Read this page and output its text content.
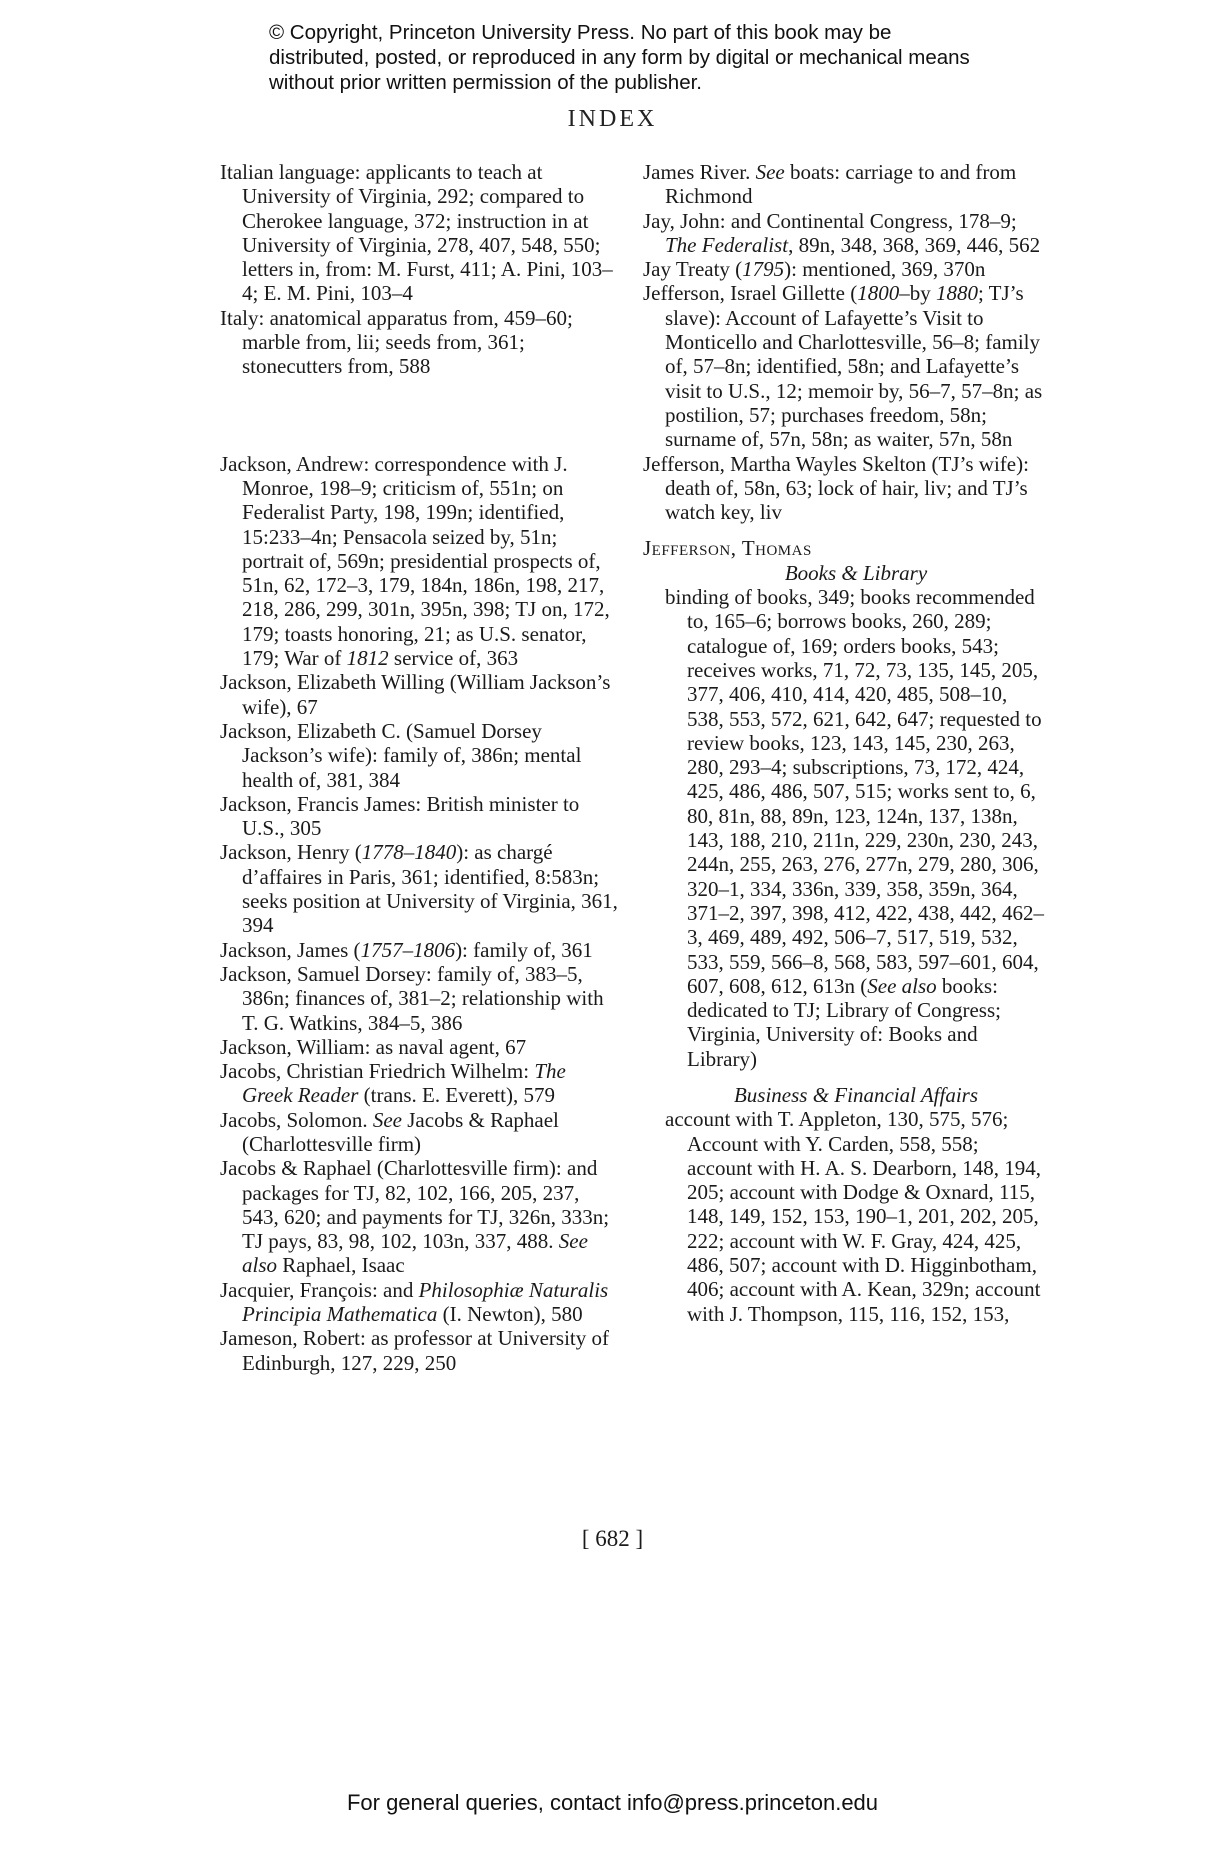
© Copyright, Princeton University Press. No part of this book may be distributed, posted, or reproduced in any form by digital or mechanical means without prior written permission of the publisher.
INDEX
Italian language: applicants to teach at University of Virginia, 292; compared to Cherokee language, 372; instruction in at University of Virginia, 278, 407, 548, 550; letters in, from: M. Furst, 411; A. Pini, 103–4; E. M. Pini, 103–4
Italy: anatomical apparatus from, 459–60; marble from, lii; seeds from, 361; stonecutters from, 588
Jackson, Andrew: correspondence with J. Monroe, 198–9; criticism of, 551n; on Federalist Party, 198, 199n; identified, 15:233–4n; Pensacola seized by, 51n; portrait of, 569n; presidential prospects of, 51n, 62, 172–3, 179, 184n, 186n, 198, 217, 218, 286, 299, 301n, 395n, 398; TJ on, 172, 179; toasts honoring, 21; as U.S. senator, 179; War of 1812 service of, 363
Jackson, Elizabeth Willing (William Jackson’s wife), 67
Jackson, Elizabeth C. (Samuel Dorsey Jackson’s wife): family of, 386n; mental health of, 381, 384
Jackson, Francis James: British minister to U.S., 305
Jackson, Henry (1778–1840): as chargé d’affaires in Paris, 361; identified, 8:583n; seeks position at University of Virginia, 361, 394
Jackson, James (1757–1806): family of, 361
Jackson, Samuel Dorsey: family of, 383–5, 386n; finances of, 381–2; relationship with T. G. Watkins, 384–5, 386
Jackson, William: as naval agent, 67
Jacobs, Christian Friedrich Wilhelm: The Greek Reader (trans. E. Everett), 579
Jacobs, Solomon. See Jacobs & Raphael (Charlottesville firm)
Jacobs & Raphael (Charlottesville firm): and packages for TJ, 82, 102, 166, 205, 237, 543, 620; and payments for TJ, 326n, 333n; TJ pays, 83, 98, 102, 103n, 337, 488. See also Raphael, Isaac
Jacquier, François: and Philosophiæ Naturalis Principia Mathematica (I. Newton), 580
Jameson, Robert: as professor at University of Edinburgh, 127, 229, 250
James River. See boats: carriage to and from Richmond
Jay, John: and Continental Congress, 178–9; The Federalist, 89n, 348, 368, 369, 446, 562
Jay Treaty (1795): mentioned, 369, 370n
Jefferson, Israel Gillette (1800–by 1880; TJ’s slave): Account of Lafayette’s Visit to Monticello and Charlottesville, 56–8; family of, 57–8n; identified, 58n; and Lafayette’s visit to U.S., 12; memoir by, 56–7, 57–8n; as postilion, 57; purchases freedom, 58n; surname of, 57n, 58n; as waiter, 57n, 58n
Jefferson, Martha Wayles Skelton (TJ’s wife): death of, 58n, 63; lock of hair, liv; and TJ’s watch key, liv
Jefferson, Thomas
Books & Library
binding of books, 349; books recommended to, 165–6; borrows books, 260, 289; catalogue of, 169; orders books, 543; receives works, 71, 72, 73, 135, 145, 205, 377, 406, 410, 414, 420, 485, 508–10, 538, 553, 572, 621, 642, 647; requested to review books, 123, 143, 145, 230, 263, 280, 293–4; subscriptions, 73, 172, 424, 425, 486, 486, 507, 515; works sent to, 6, 80, 81n, 88, 89n, 123, 124n, 137, 138n, 143, 188, 210, 211n, 229, 230n, 230, 243, 244n, 255, 263, 276, 277n, 279, 280, 306, 320–1, 334, 336n, 339, 358, 359n, 364, 371–2, 397, 398, 412, 422, 438, 442, 462–3, 469, 489, 492, 506–7, 517, 519, 532, 533, 559, 566–8, 568, 583, 597–601, 604, 607, 608, 612, 613n (See also books: dedicated to TJ; Library of Congress; Virginia, University of: Books and Library)
Business & Financial Affairs
account with T. Appleton, 130, 575, 576; Account with Y. Carden, 558, 558; account with H. A. S. Dearborn, 148, 194, 205; account with Dodge & Oxnard, 115, 148, 149, 152, 153, 190–1, 201, 202, 205, 222; account with W. F. Gray, 424, 425, 486, 507; account with D. Higginbotham, 406; account with A. Kean, 329n; account with J. Thompson, 115, 116, 152, 153,
[ 682 ]
For general queries, contact info@press.princeton.edu
